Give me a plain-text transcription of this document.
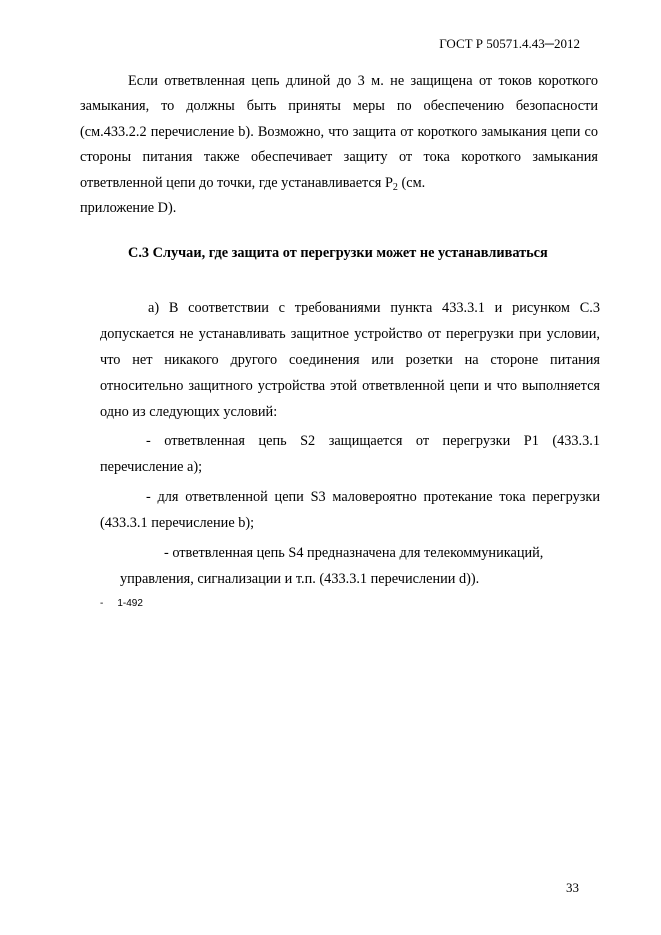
ГОСТ Р 50571.4.43─2012

Если ответвленная цепь длиной до 3 м. не защищена от токов короткого замыкания, то должны быть приняты меры по обеспечению безопасности (см.433.2.2 перечисление b). Возможно, что защита от короткого замыкания цепи со стороны питания также обеспечивает защиту от тока короткого замыкания ответвленной цепи до точки, где устанавливается $Р_2$ (см.

приложение D).

С.3 Случаи, где защита от перегрузки может не устанавливаться

а) В соответствии с требованиями пункта 433.3.1 и рисунком С.3 допускается не устанавливать защитное устройство от перегрузки при условии, что нет никакого другого соединения или розетки на стороне питания относительно защитного устройства этой ответвленной цепи и что выполняется одно из следующих условий:

- ответвленная цепь S2 защищается от перегрузки Р1 (433.3.1 перечисление а);

- для ответвленной цепи S3 маловероятно протекание тока перегрузки (433.3.1 перечисление b);

- ответвленная цепь S4 предназначена для телекоммуникаций, управления, сигнализации и т.п. (433.3.1 перечислении d)).

- 1-492
33
